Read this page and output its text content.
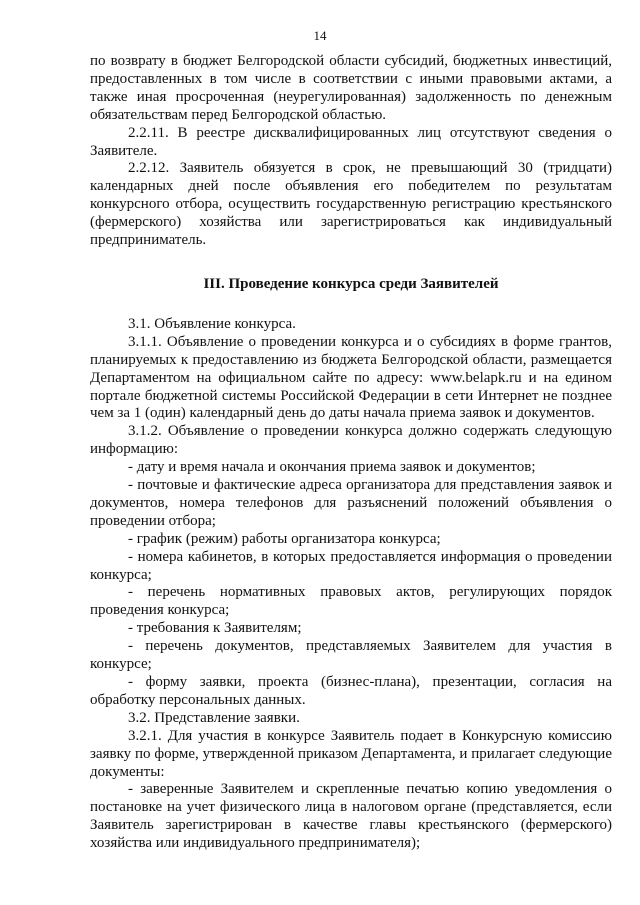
14

по возврату в бюджет Белгородской области субсидий, бюджетных инвестиций, предоставленных в том числе в соответствии с иными правовыми актами, а также иная просроченная (неурегулированная) задолженность по денежным обязательствам перед Белгородской областью.

2.2.11. В реестре дисквалифицированных лиц отсутствуют сведения о Заявителе.

2.2.12. Заявитель обязуется в срок, не превышающий 30 (тридцати) календарных дней после объявления его победителем по результатам конкурсного отбора, осуществить государственную регистрацию крестьянского (фермерского) хозяйства или зарегистрироваться как индивидуальный предприниматель.

III. Проведение конкурса среди Заявителей

3.1. Объявление конкурса.

3.1.1. Объявление о проведении конкурса и о субсидиях в форме грантов, планируемых к предоставлению из бюджета Белгородской области, размещается Департаментом на официальном сайте по адресу: www.belapk.ru и на едином портале бюджетной системы Российской Федерации в сети Интернет не позднее чем за 1 (один) календарный день до даты начала приема заявок и документов.

3.1.2. Объявление о проведении конкурса должно содержать следующую информацию:

- дату и время начала и окончания приема заявок и документов;

- почтовые и фактические адреса организатора для представления заявок и документов, номера телефонов для разъяснений положений объявления о проведении отбора;

- график (режим) работы организатора конкурса;

- номера кабинетов, в которых предоставляется информация о проведении конкурса;

- перечень нормативных правовых актов, регулирующих порядок проведения конкурса;

- требования к Заявителям;

- перечень документов, представляемых Заявителем для участия в конкурсе;

- форму заявки, проекта (бизнес-плана), презентации, согласия на обработку персональных данных.

3.2. Представление заявки.

3.2.1. Для участия в конкурсе Заявитель подает в Конкурсную комиссию заявку по форме, утвержденной приказом Департамента, и прилагает следующие документы:

- заверенные Заявителем и скрепленные печатью копию уведомления о постановке на учет физического лица в налоговом органе (представляется, если Заявитель зарегистрирован в качестве главы крестьянского (фермерского) хозяйства или индивидуального предпринимателя);
